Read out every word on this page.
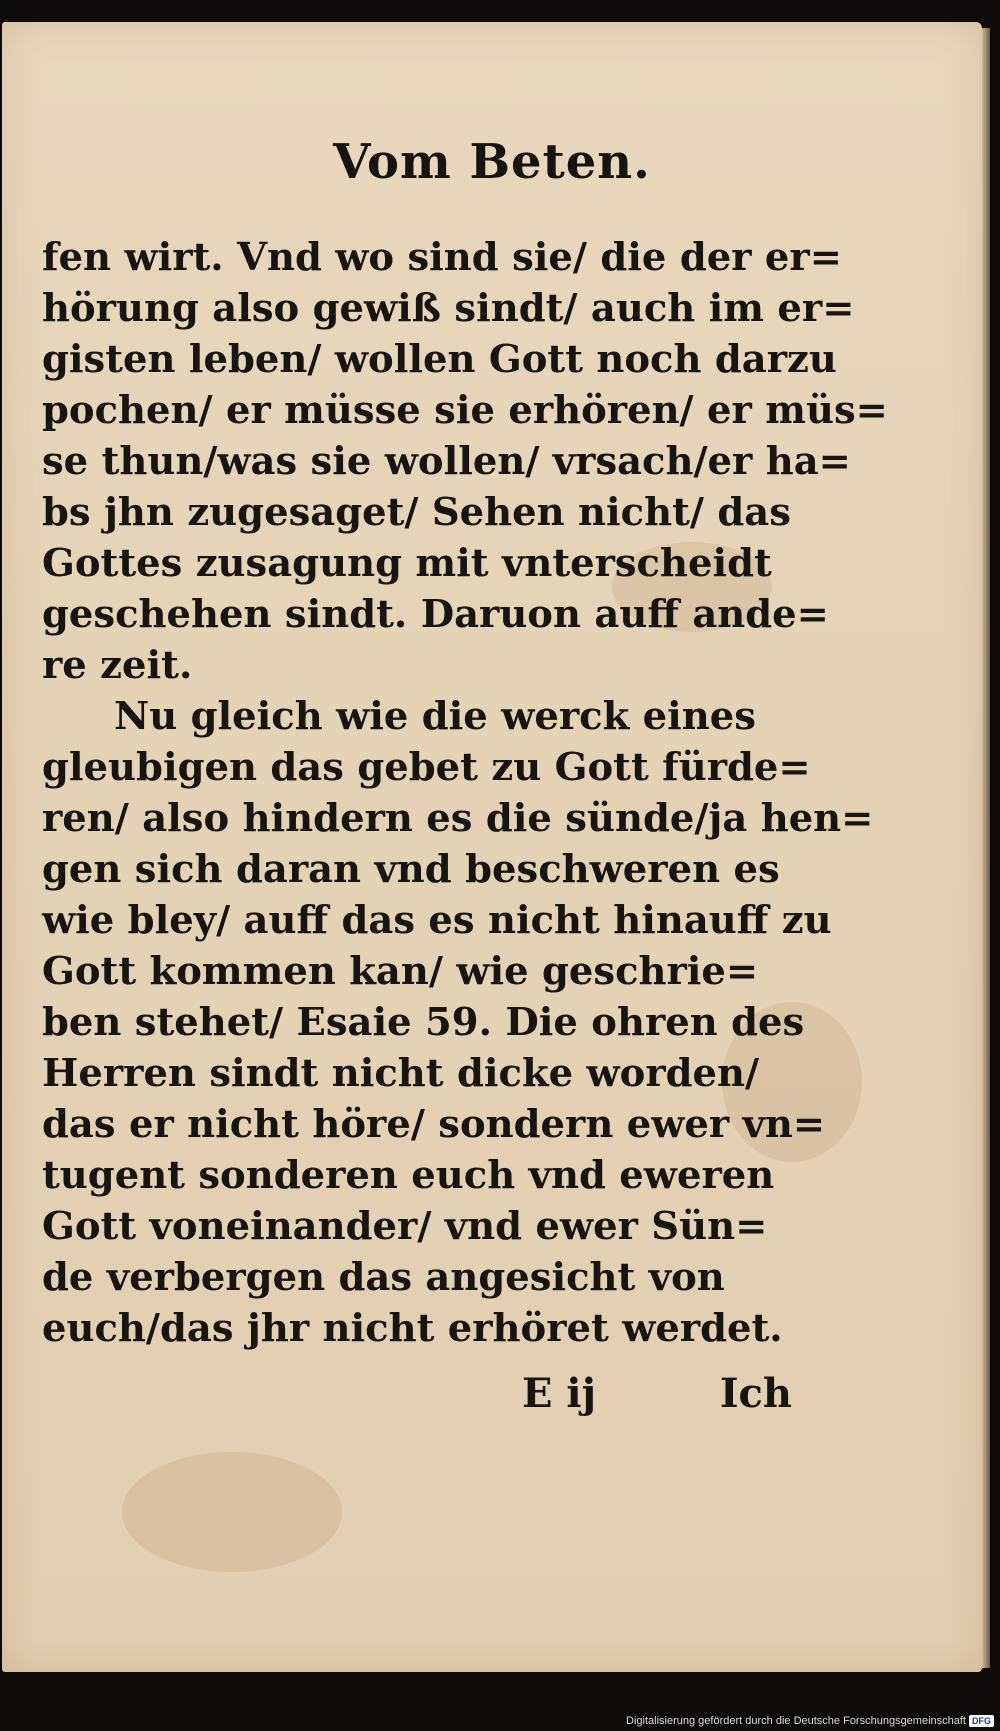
Vom Beten.
fen wirt. Vnd wo sind sie/ die der er=
hörung also gewiß sindt/ auch im er=
gisten leben/ wollen Gott noch darzu
pochen/ er müsse sie erhören/ er müs=
se thun/was sie wollen/ vrsach/er ha=
bs jhn zugesaget/ Sehen nicht/ das
Gottes zusagung mit vnterscheidt
geschehen sindt. Daruon auff ande=
re zeit.
Nu gleich wie die werck eines
gleubigen das gebet zu Gott fürde=
ren/ also hindern es die sünde/ja hen=
gen sich daran vnd beschweren es
wie bley/ auff das es nicht hinauff zu
Gott kommen kan/ wie geschrie=
ben stehet/ Esaie 59. Die ohren des
Herren sindt nicht dicke worden/
das er nicht höre/ sondern ewer vn=
tugent sonderen euch vnd eweren
Gott voneinander/ vnd ewer Sün=
de verbergen das angesicht von
euch/das jhr nicht erhöret werdet.
E ij	Ich
Digitalisierung gefördert durch die Deutsche Forschungsgemeinschaft DFG
